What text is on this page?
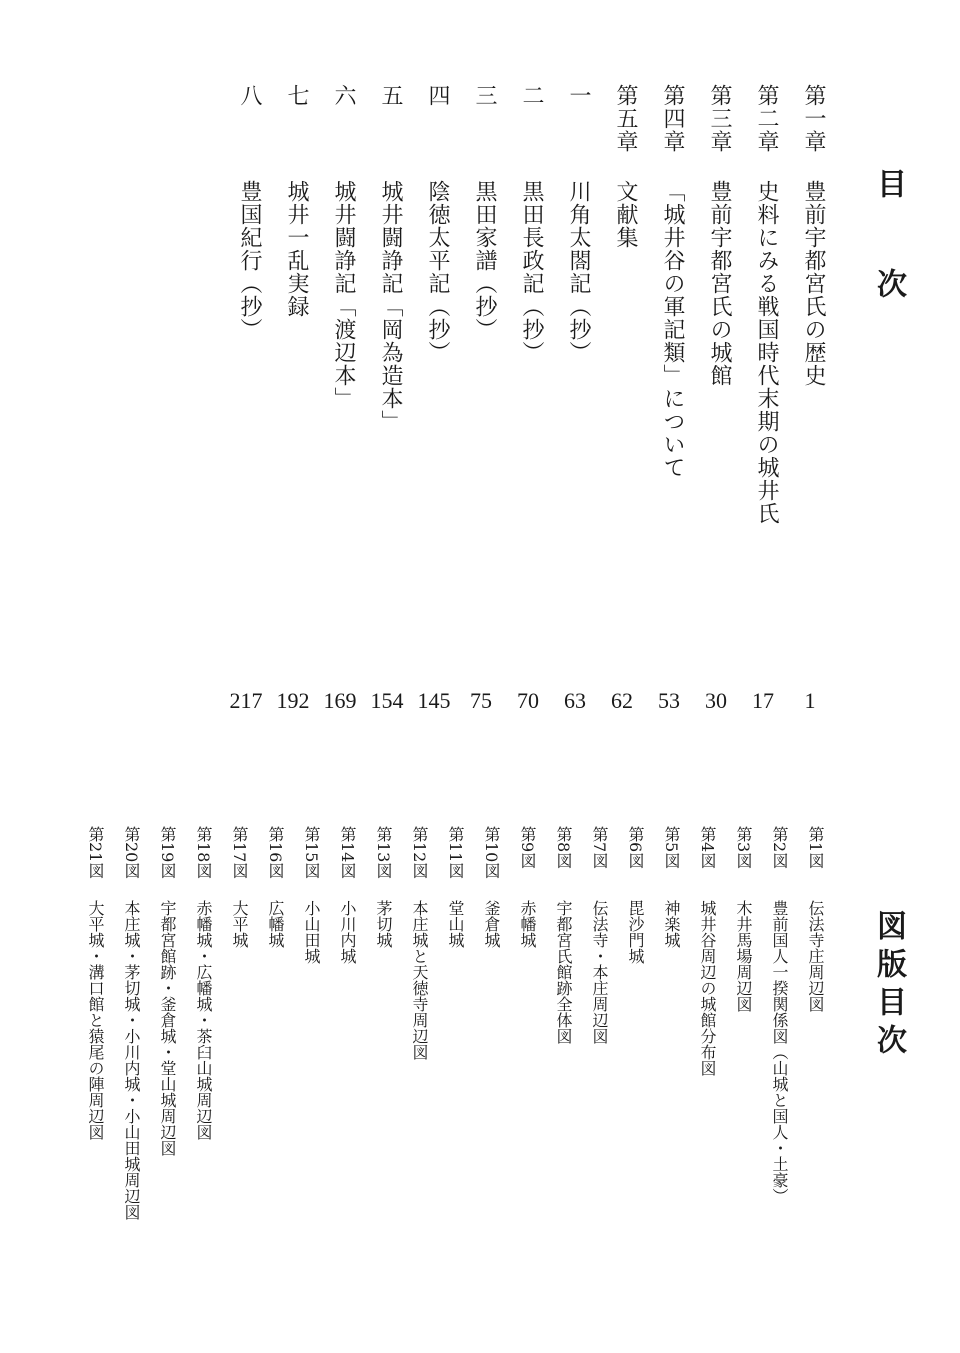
目　次
第一章
豊前宇都宮氏の歴史
1
第二章
史料にみる戦国時代末期の城井氏
17
第三章
豊前宇都宮氏の城館
30
第四章
「城井谷の軍記類」について
53
第五章
文献集
62
一
川角太閤記（抄）
63
二
黒田長政記（抄）
70
三
黒田家譜（抄）
75
四
陰徳太平記（抄）
145
五
城井闘諍記「岡為造本」
154
六
城井闘諍記「渡辺本」
169
七
城井一乱実録
192
八
豊国紀行（抄）
217
図版目次
第1図
伝法寺庄周辺図
第2図
豊前国人一揆関係図（山城と国人・土豪）
第3図
木井馬場周辺図
第4図
城井谷周辺の城館分布図
第5図
神楽城
第6図
毘沙門城
第7図
伝法寺・本庄周辺図
第8図
宇都宮氏館跡全体図
第9図
赤幡城
第10図
釜倉城
第11図
堂山城
第12図
本庄城と天徳寺周辺図
第13図
茅切城
第14図
小川内城
第15図
小山田城
第16図
広幡城
第17図
大平城
第18図
赤幡城・広幡城・茶臼山城周辺図
第19図
宇都宮館跡・釜倉城・堂山城周辺図
第20図
本庄城・茅切城・小川内城・小山田城周辺図
第21図
大平城・溝口館と猿尾の陣周辺図
